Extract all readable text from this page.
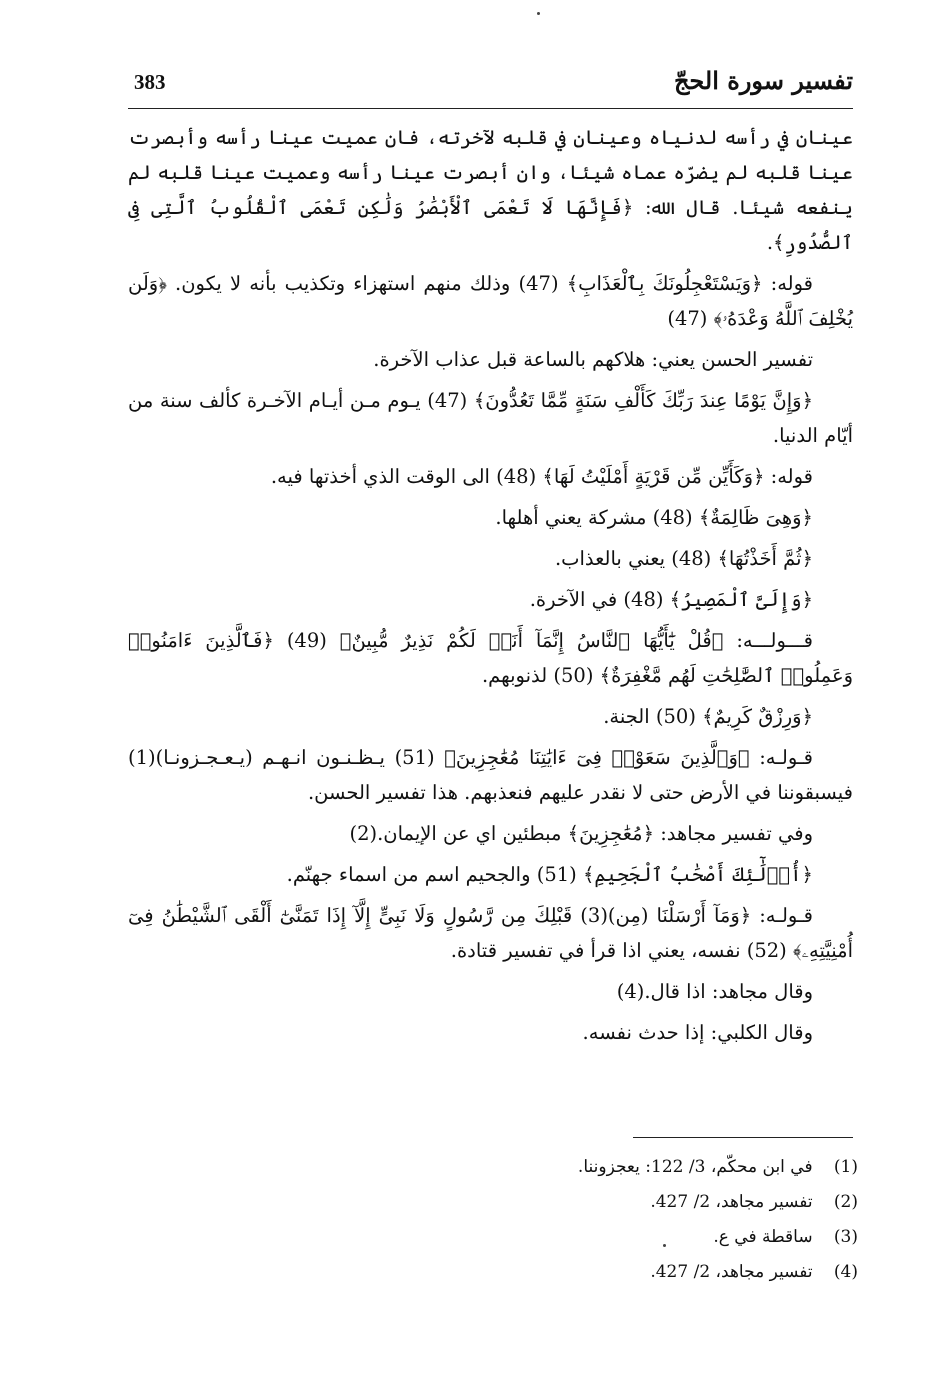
تفسير سورة الحجّ
383

عينان في رأسه لدنياه وعينان في قلبه لآخرته، فان عميت عينا رأسه وأبصرت عينا قلبه لم يضرّه عماه شيئا، وان أبصرت عينا رأسه وعميت عينا قلبه لم ينفعه شيئا. قال الله: ﴿فَإِنَّهَا لَا تَعْمَى ٱلْأَبْصَٰرُ وَلَٰكِن تَعْمَى ٱلْقُلُوبُ ٱلَّتِى فِى ٱلصُّدُورِ﴾.

قوله: ﴿وَيَسْتَعْجِلُونَكَ بِٱلْعَذَابِ﴾ (47) وذلك منهم استهزاء وتكذيب بأنه لا يكون. ﴿وَلَن يُخْلِفَ ٱللَّهُ وَعْدَهُۥ﴾ (47)

تفسير الحسن يعني: هلاكهم بالساعة قبل عذاب الآخرة.

﴿وَإِنَّ يَوْمًا عِندَ رَبِّكَ كَأَلْفِ سَنَةٍ مِّمَّا تَعُدُّونَ﴾ (47) يـوم مـن أيـام الآخـرة كألف سنة من أيّام الدنيا.

قوله: ﴿وَكَأَيِّن مِّن قَرْيَةٍ أَمْلَيْتُ لَهَا﴾ (48) الى الوقت الذي أخذتها فيه.

﴿وَهِىَ ظَالِمَةٌ﴾ (48) مشركة يعني أهلها.

﴿ثُمَّ أَخَذْتُهَا﴾ (48) يعني بالعذاب.

﴿وَإِلَىَّ ٱلْمَصِيرُ﴾ (48) في الآخرة.

قـــولـــه: ﴿قُلْ يَٰٓأَيُّهَا ٱلنَّاسُ إِنَّمَآ أَنَا۠ لَكُمْ نَذِيرٌ مُّبِينٌ﴾ (49) ﴿فَٱلَّذِينَ ءَامَنُوا۟ وَعَمِلُوا۟ ٱلصَّٰلِحَٰتِ لَهُم مَّغْفِرَةٌ﴾ (50) لذنوبهم.

﴿وَرِزْقٌ كَرِيمٌ﴾ (50) الجنة.

قـولـه: ﴿وَٱلَّذِينَ سَعَوْا۟ فِىٓ ءَايَٰتِنَا مُعَٰجِزِينَ﴾ (51) يـظـنـون انـهـم (يـعـجـزونـا)(1) فيسبقوننا في الأرض حتى لا نقدر عليهم فنعذبهم. هذا تفسير الحسن.

وفي تفسير مجاهد: ﴿مُعَٰجِزِينَ﴾ مبطئين اي عن الإيمان.(2)

﴿أُو۟لَٰٓئِكَ أَصْحَٰبُ ٱلْجَحِيمِ﴾ (51) والجحيم اسم من اسماء جهنّم.

قـولـه: ﴿وَمَآ أَرْسَلْنَا (مِن)(3) قَبْلِكَ مِن رَّسُولٍ وَلَا نَبِىٍّ إِلَّآ إِذَا تَمَنَّىٰٓ أَلْقَى ٱلشَّيْطَٰنُ فِىٓ أُمْنِيَّتِهِۦ﴾ (52) نفسه، يعني اذا قرأ في تفسير قتادة.

وقال مجاهد: اذا قال.(4)

وقال الكلبي: إذا حدث نفسه.

(1) في ابن محكّم، 3/ 122: يعجزوننا.
(2) تفسير مجاهد، 2/ 427.
(3) ساقطة في ع.
(4) تفسير مجاهد، 2/ 427.
